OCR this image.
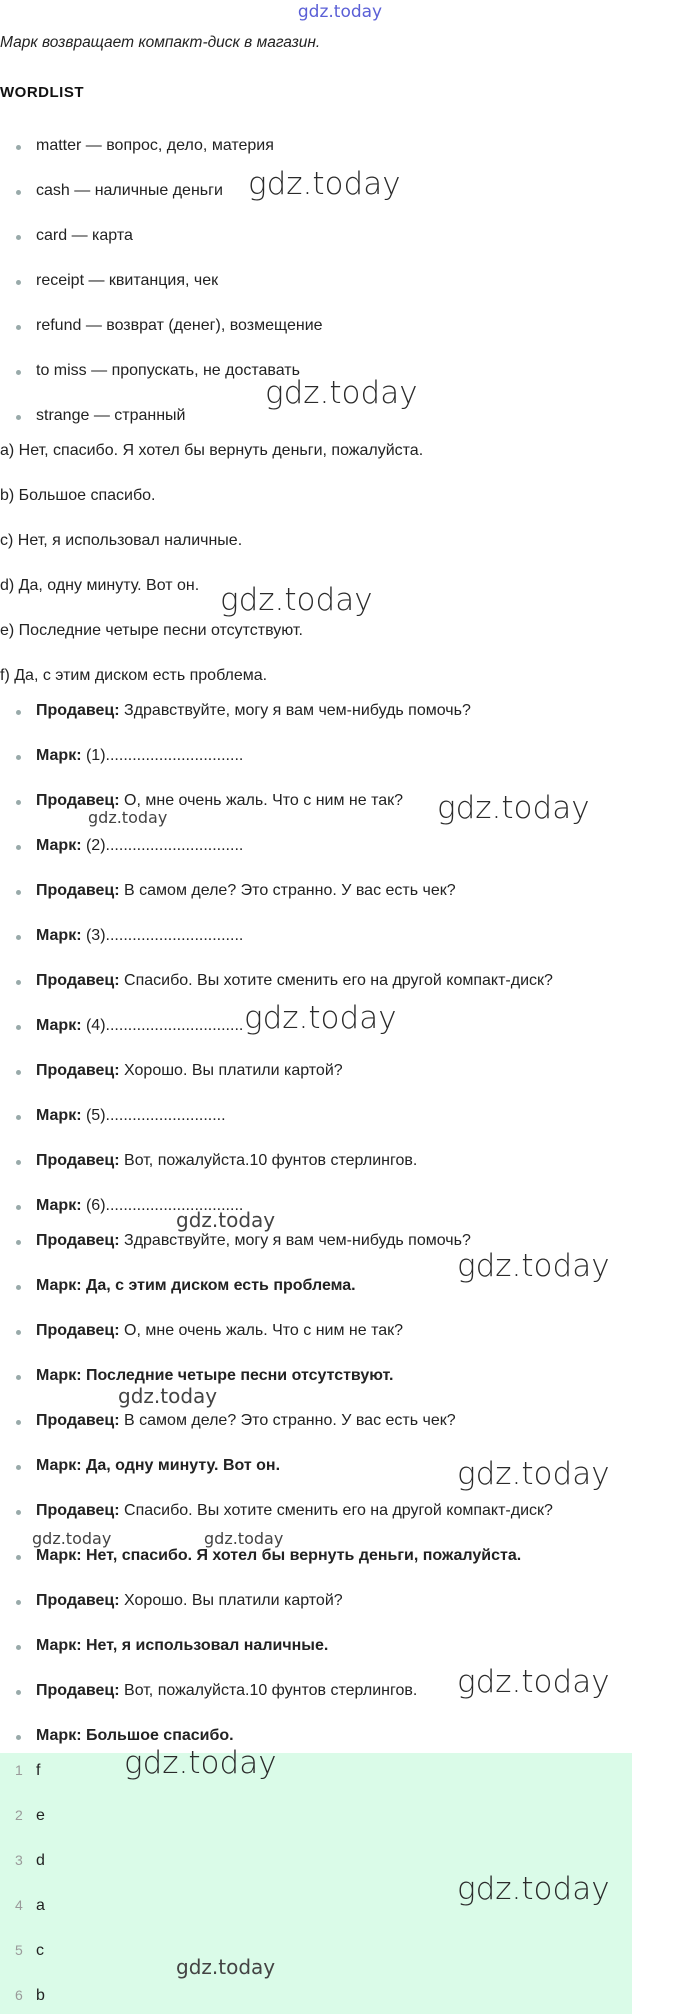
gdz.today
Марк возвращает компакт-диск в магазин.
WORDLIST
matter — вопрос, дело, материя
cash — наличные деньги
card — карта
receipt — квитанция, чек
refund — возврат (денег), возмещение
to miss — пропускать, не доставать
strange — странный
a) Нет, спасибо. Я хотел бы вернуть деньги, пожалуйста.
b) Большое спасибо.
c) Нет, я использовал наличные.
d) Да, одну минуту. Вот он.
e) Последние четыре песни отсутствуют.
f) Да, с этим диском есть проблема.
Продавец: Здравствуйте, могу я вам чем-нибудь помочь?
Марк: (1)...............................
Продавец: О, мне очень жаль. Что с ним не так?
Марк: (2)...............................
Продавец: В самом деле? Это странно. У вас есть чек?
Марк: (3)...............................
Продавец: Спасибо. Вы хотите сменить его на другой компакт-диск?
Марк: (4)...............................
Продавец: Хорошо. Вы платили картой?
Марк: (5)...........................
Продавец: Вот, пожалуйста.10 фунтов стерлингов.
Марк: (6)...............................
Продавец: Здравствуйте, могу я вам чем-нибудь помочь?
Марк: Да, с этим диском есть проблема.
Продавец: О, мне очень жаль. Что с ним не так?
Марк: Последние четыре песни отсутствуют.
Продавец: В самом деле? Это странно. У вас есть чек?
Марк: Да, одну минуту. Вот он.
Продавец: Спасибо. Вы хотите сменить его на другой компакт-диск?
Марк: Нет, спасибо. Я хотел бы вернуть деньги, пожалуйста.
Продавец: Хорошо. Вы платили картой?
Марк: Нет, я использовал наличные.
Продавец: Вот, пожалуйста.10 фунтов стерлингов.
Марк: Большое спасибо.
1 f
2 e
3 d
4 a
5 c
6 b
gdz.today
gdz.today
gdz.today
gdz.today
gdz.today
gdz.today
gdz.today
gdz.today
gdz.today
gdz.today
gdz.today	gdz.today
gdz.today
gdz.today
gdz.today
gdz.today
